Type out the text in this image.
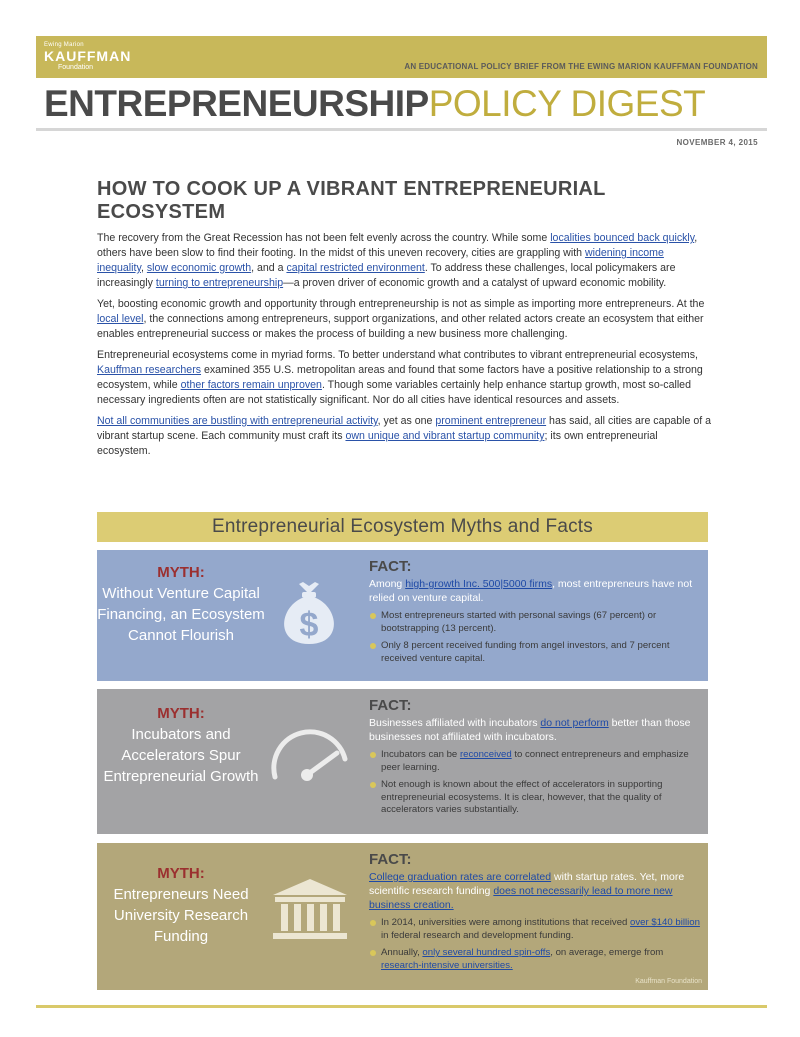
Ewing Marion
KAUFFMAN
Foundation	AN EDUCATIONAL POLICY BRIEF FROM THE EWING MARION KAUFFMAN FOUNDATION
ENTREPRENEURSHIPPOLICY DIGEST
NOVEMBER 4, 2015
HOW TO COOK UP A VIBRANT ENTREPRENEURIAL ECOSYSTEM

The recovery from the Great Recession has not been felt evenly across the country. While some localities bounced back quickly, others have been slow to find their footing. In the midst of this uneven recovery, cities are grappling with widening income inequality, slow economic growth, and a capital restricted environment. To address these challenges, local policymakers are increasingly turning to entrepreneurship—a proven driver of economic growth and a catalyst of upward economic mobility.

Yet, boosting economic growth and opportunity through entrepreneurship is not as simple as importing more entrepreneurs. At the local level, the connections among entrepreneurs, support organizations, and other related actors create an ecosystem that either enables entrepreneurial success or makes the process of building a new business more challenging.

Entrepreneurial ecosystems come in myriad forms. To better understand what contributes to vibrant entrepreneurial ecosystems, Kauffman researchers examined 355 U.S. metropolitan areas and found that some factors have a positive relationship to a strong ecosystem, while other factors remain unproven. Though some variables certainly help enhance startup growth, most so-called necessary ingredients often are not statistically significant. Nor do all cities have identical resources and assets.

Not all communities are bustling with entrepreneurial activity, yet as one prominent entrepreneur has said, all cities are capable of a vibrant startup scene. Each community must craft its own unique and vibrant startup community; its own entrepreneurial ecosystem.

Entrepreneurial Ecosystem Myths and Facts
MYTH:
Without Venture Capital Financing, an Ecosystem Cannot Flourish	$
FACT:
Among high-growth Inc. 500|5000 firms, most entrepreneurs have not relied on venture capital.
Most entrepreneurs started with personal savings (67 percent) or bootstrapping (13 percent).
Only 8 percent received funding from angel investors, and 7 percent received venture capital.
MYTH:
Incubators and Accelerators Spur Entrepreneurial Growth
FACT:
Businesses affiliated with incubators do not perform better than those businesses not affiliated with incubators.
Incubators can be reconceived to connect entrepreneurs and emphasize peer learning.
Not enough is known about the effect of accelerators in supporting entrepreneurial ecosystems. It is clear, however, that the quality of accelerators varies substantially.
MYTH:
Entrepreneurs Need University Research Funding
FACT:
College graduation rates are correlated with startup rates. Yet, more scientific research funding does not necessarily lead to more new business creation.
In 2014, universities were among institutions that received over $140 billion in federal research and development funding.
Annually, only several hundred spin-offs, on average, emerge from research-intensive universities.
Kauffman Foundation
